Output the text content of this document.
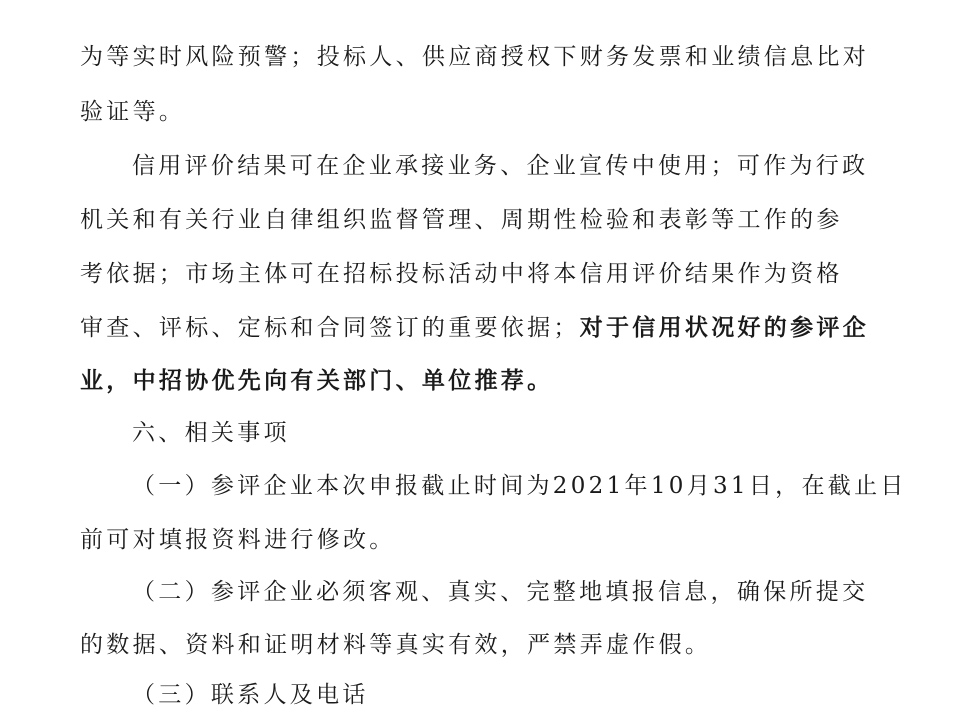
为等实时风险预警；投标人、供应商授权下财务发票和业绩信息比对
验证等。
信用评价结果可在企业承接业务、企业宣传中使用；可作为行政
机关和有关行业自律组织监督管理、周期性检验和表彰等工作的参
考依据；市场主体可在招标投标活动中将本信用评价结果作为资格
审查、评标、定标和合同签订的重要依据；对于信用状况好的参评企
业，中招协优先向有关部门、单位推荐。
六、相关事项
（一）参评企业本次申报截止时间为2021年10月31日，在截止日
前可对填报资料进行修改。
（二）参评企业必须客观、真实、完整地填报信息，确保所提交
的数据、资料和证明材料等真实有效，严禁弄虚作假。
（三）联系人及电话
